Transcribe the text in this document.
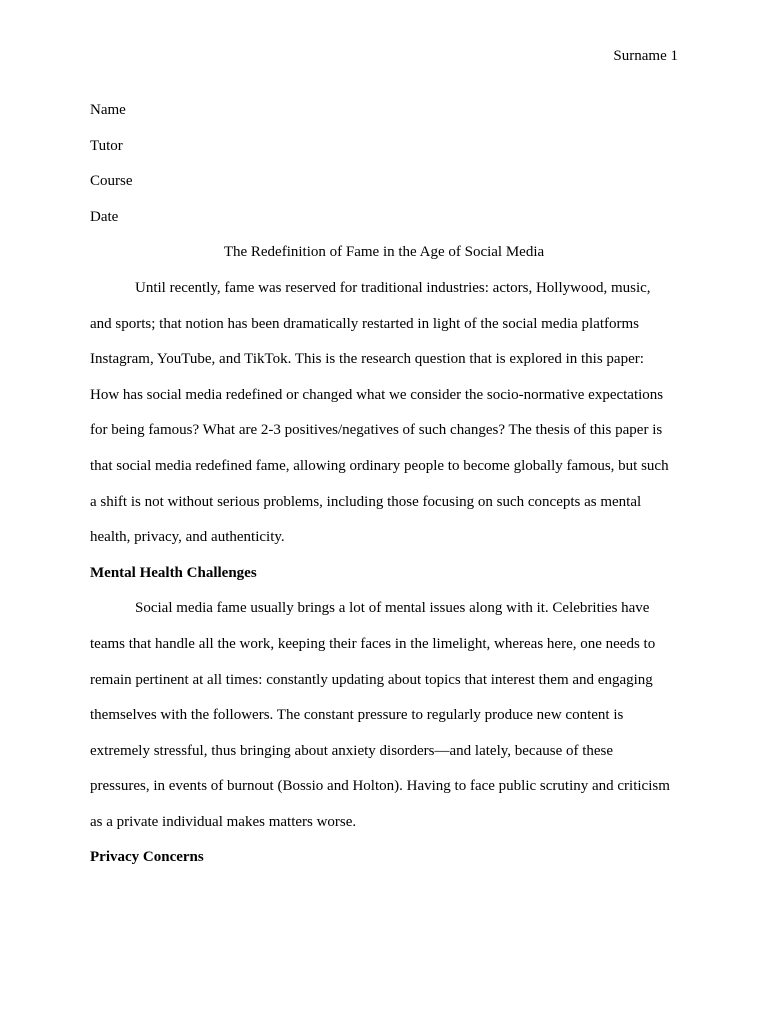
Surname 1

Name

Tutor

Course

Date

The Redefinition of Fame in the Age of Social Media

Until recently, fame was reserved for traditional industries: actors, Hollywood, music,

and sports; that notion has been dramatically restarted in light of the social media platforms

Instagram, YouTube, and TikTok. This is the research question that is explored in this paper:

How has social media redefined or changed what we consider the socio-normative expectations

for being famous? What are 2-3 positives/negatives of such changes? The thesis of this paper is

that social media redefined fame, allowing ordinary people to become globally famous, but such

a shift is not without serious problems, including those focusing on such concepts as mental

health, privacy, and authenticity.

Mental Health Challenges

Social media fame usually brings a lot of mental issues along with it. Celebrities have

teams that handle all the work, keeping their faces in the limelight, whereas here, one needs to

remain pertinent at all times: constantly updating about topics that interest them and engaging

themselves with the followers. The constant pressure to regularly produce new content is

extremely stressful, thus bringing about anxiety disorders—and lately, because of these

pressures, in events of burnout (Bossio and Holton). Having to face public scrutiny and criticism

as a private individual makes matters worse.

Privacy Concerns
